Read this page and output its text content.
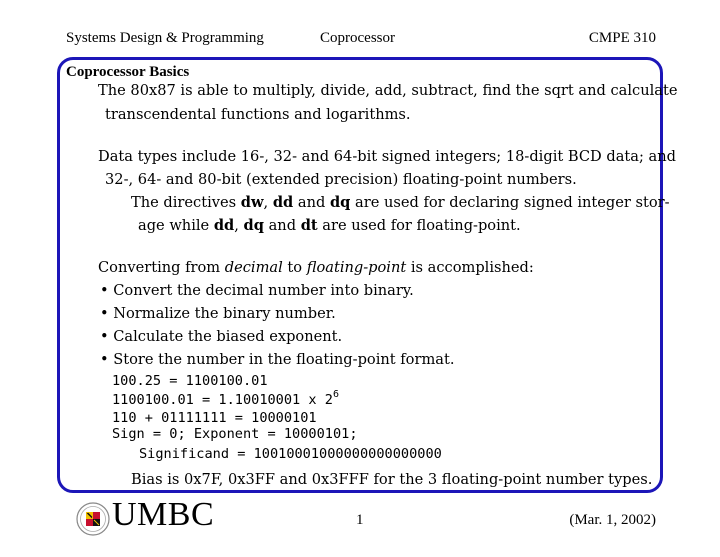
Systems Design & Programming	Coprocessor	CMPE 310
Coprocessor Basics
The 80x87 is able to multiply, divide, add, subtract, find the sqrt and calculate
transcendental functions and logarithms.
Data types include 16-, 32- and 64-bit signed integers; 18-digit BCD data; and
32-, 64- and 80-bit (extended precision) floating-point numbers.
The directives dw, dd and dq are used for declaring signed integer stor-
age while dd, dq and dt are used for floating-point.
Converting from decimal to floating-point is accomplished:
• Convert the decimal number into binary.
• Normalize the binary number.
• Calculate the biased exponent.
• Store the number in the floating-point format.
100.25 = 1100100.01
1100100.01 = 1.10010001 x $2^6$
110 + 01111111 = 10000101
Sign = 0; Exponent = 10000101;
Significand = 10010001000000000000000
Bias is 0x7F, 0x3FF and 0x3FFF for the 3 floating-point number types.
UMBC	1	(Mar. 1, 2002)
